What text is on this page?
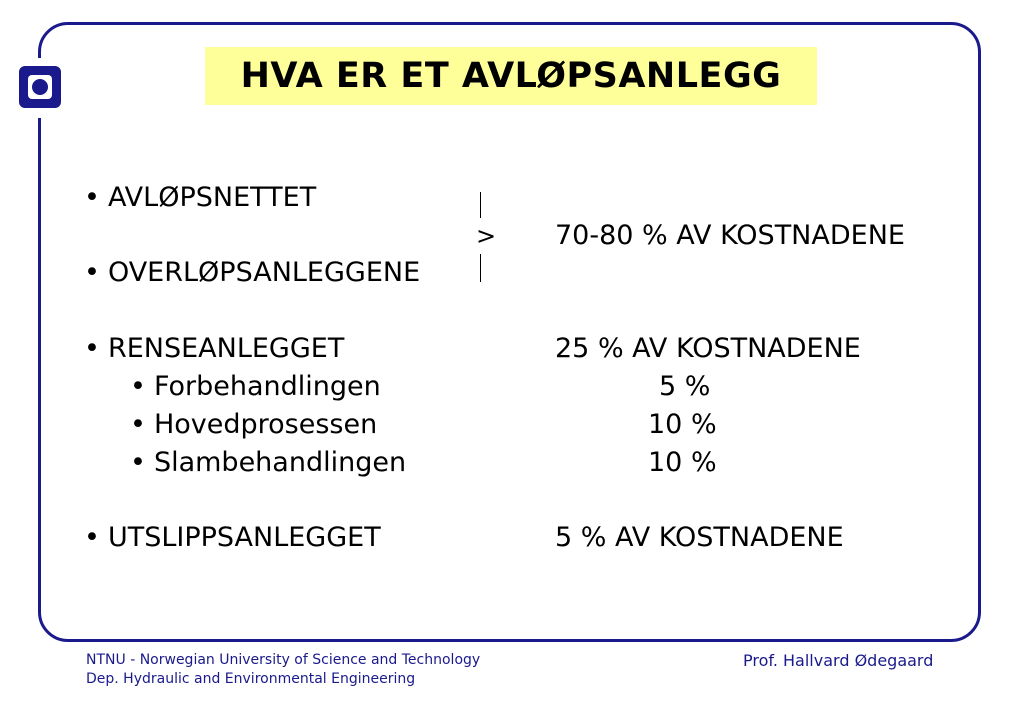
HVA ER ET AVLØPSANLEGG
• AVLØPSNETTET
> 70-80 % AV KOSTNADENE
• OVERLØPSANLEGGENE
• RENSEANLEGGET	25 % AV KOSTNADENE
• Forbehandlingen	5 %
• Hovedprosessen	10 %
• Slambehandlingen	10 %
• UTSLIPPSANLEGGET	5 % AV KOSTNADENE
NTNU - Norwegian University of Science and Technology
Dep. Hydraulic and Environmental Engineering
Prof. Hallvard Ødegaard
